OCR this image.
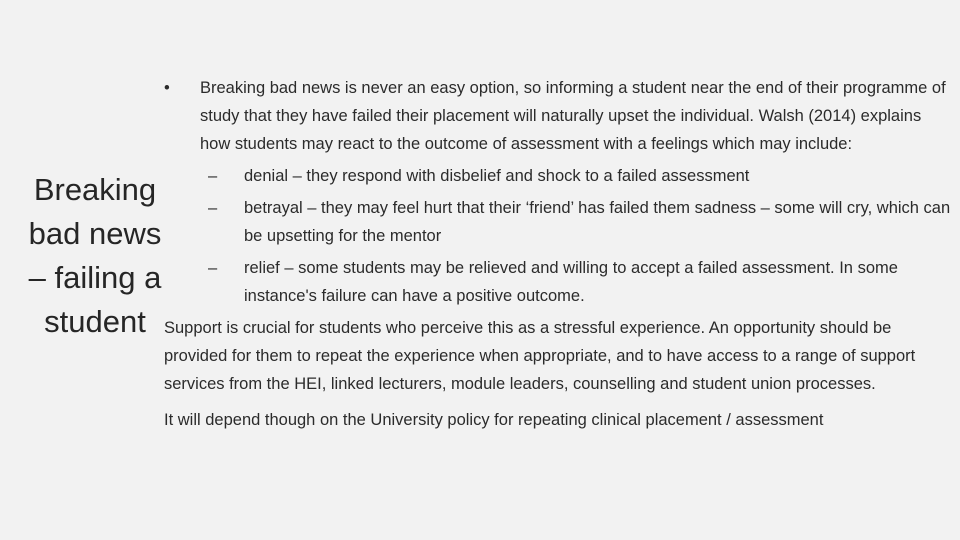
Breaking
bad news
– failing a
student
•	Breaking bad news is never an easy option, so informing a student near the end of their programme of study that they have failed their placement will naturally upset the individual. Walsh (2014) explains how students may react to the outcome of assessment with a feelings which may include:
–	denial – they respond with disbelief and shock to a failed assessment
–	betrayal – they may feel hurt that their ‘friend’ has failed them sadness – some will cry, which can be upsetting for the mentor
–	relief – some students may be relieved and willing to accept a failed assessment. In some instance's failure can have a positive outcome.
Support is crucial for students who perceive this as a stressful experience. An opportunity should be provided for them to repeat the experience when appropriate, and to have access to a range of support services from the HEI, linked lecturers, module leaders, counselling and student union processes.
It will depend though on the University policy for repeating clinical placement / assessment
